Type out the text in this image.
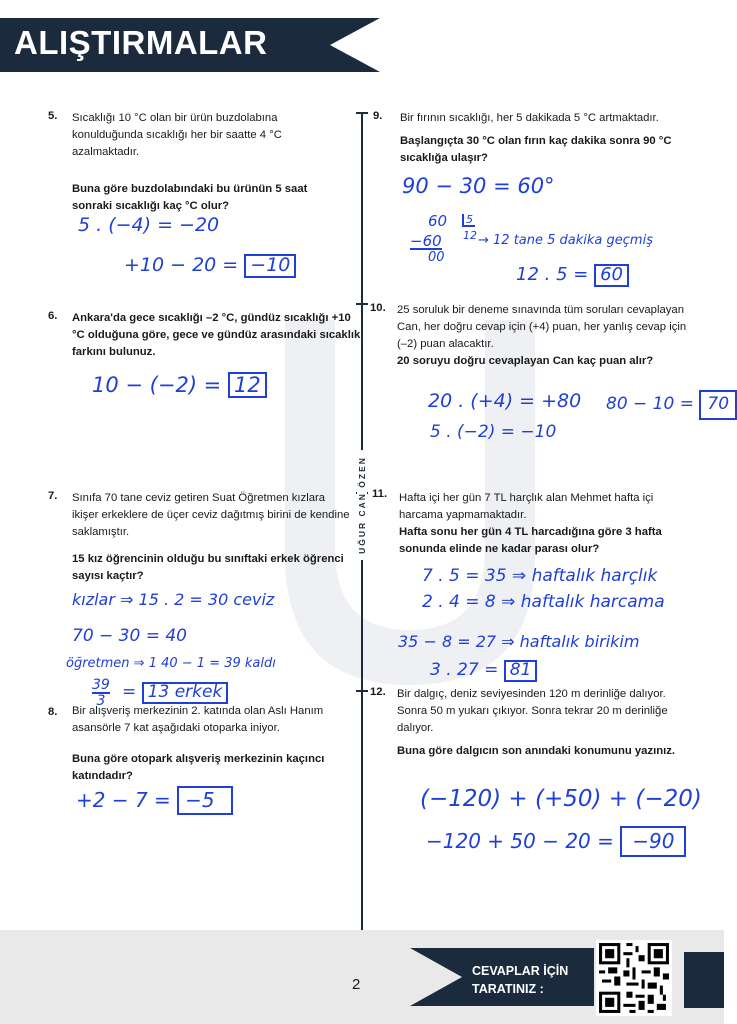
ALIŞTIRMALAR
UĞUR CAN ÖZEN
5. Sıcaklığı 10 °C olan bir ürün buzdolabına konulduğunda sıcaklığı her bir saatte 4 °C azalmaktadır.
Buna göre buzdolabındaki bu ürünün 5 saat sonraki sıcaklığı kaç °C olur?
5 . (−4) = −20
+10 − 20 = −10
6. Ankara'da gece sıcaklığı –2 °C, gündüz sıcaklığı +10 °C olduğuna göre, gece ve gündüz arasındaki sıcaklık farkını bulunuz.
10 − (−2) = 12
7. Sınıfa 70 tane ceviz getiren Suat Öğretmen kızlara ikişer erkeklere de üçer ceviz dağıtmış birini de kendine saklamıştır.
15 kız öğrencinin olduğu bu sınıftaki erkek öğrenci sayısı kaçtır?
kızlar ⇒ 15 . 2 = 30 ceviz
70 − 30 = 40
öğretmen ⇒ 1 40 − 1 = 39 kaldı
$\frac{39}{3} = 13$ erkek
8. Bir alışveriş merkezinin 2. katında olan Aslı Hanım asansörle 7 kat aşağıdaki otoparka iniyor.
Buna göre otopark alışveriş merkezinin kaçıncı katındadır?
+2 − 7 = −5
9. Bir fırının sıcaklığı, her 5 dakikada 5 °C artmaktadır.
Başlangıçta 30 °C olan fırın kaç dakika sonra 90 °C sıcaklığa ulaşır?
90 − 30 = 60°
60	5
12
−60
00
→ 12 tane 5 dakika geçmiş
12 . 5 = 60
10. 25 soruluk bir deneme sınavında tüm soruları cevaplayan Can, her doğru cevap için (+4) puan, her yanlış cevap için (–2) puan alacaktır.
20 soruyu doğru cevaplayan Can kaç puan alır?
20 . (+4) = +80
5 . (−2) = −10
80 − 10 = 70
11. Hafta içi her gün 7 TL harçlık alan Mehmet hafta içi harcama yapmamaktadır.
Hafta sonu her gün 4 TL harcadığına göre 3 hafta sonunda elinde ne kadar parası olur?
7 . 5 = 35 ⇒ haftalık harçlık
2 . 4 = 8 ⇒ haftalık harcama
35 − 8 = 27 ⇒ haftalık birikim
3 . 27 = 81
12. Bir dalgıç, deniz seviyesinden 120 m derinliğe dalıyor. Sonra 50 m yukarı çıkıyor. Sonra tekrar 20 m derinliğe dalıyor.
Buna göre dalgıcın son anındaki konumunu yazınız.
(−120) + (+50) + (−20)
−120 + 50 − 20 = −90
2
CEVAPLAR İÇİN
TARATINIZ :
